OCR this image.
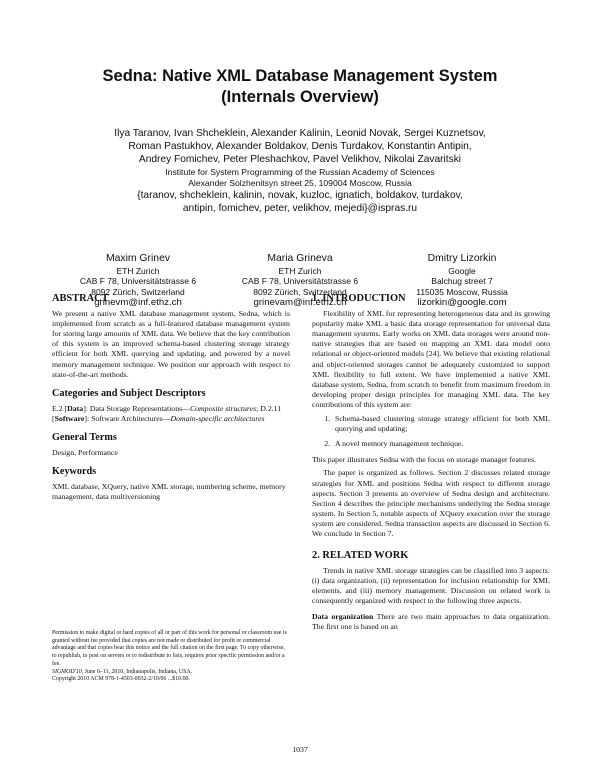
Sedna: Native XML Database Management System
(Internals Overview)
Ilya Taranov, Ivan Shcheklein, Alexander Kalinin, Leonid Novak, Sergei Kuznetsov,
Roman Pastukhov, Alexander Boldakov, Denis Turdakov, Konstantin Antipin,
Andrey Fomichev, Peter Pleshachkov, Pavel Velikhov, Nikolai Zavaritski
Institute for System Programming of the Russian Academy of Sciences
Alexander Solzhenitsyn street 25, 109004 Moscow, Russia
{taranov, shcheklein, kalinin, novak, kuzloc, ignatich, boldakov, turdakov,
antipin, fomichev, peter, velikhov, mejedi}@ispras.ru
Maxim Grinev
ETH Zurich
CAB F 78, Universitätstrasse 6
8092 Zürich, Switzerland
grinevm@inf.ethz.ch
Maria Grineva
ETH Zurich
CAB F 78, Universitätstrasse 6
8092 Zürich, Switzerland
grinevam@inf.ethz.ch
Dmitry Lizorkin
Google
Balchug street 7
115035 Moscow, Russia
lizorkin@google.com
ABSTRACT

We present a native XML database management system, Sedna, which is implemented from scratch as a full-featured database management system for storing large amounts of XML data. We believe that the key contribution of this system is an improved schema-based clustering storage strategy efficient for both XML querying and updating, and powered by a novel memory management technique. We position our approach with respect to state-of-the-art methods.

Categories and Subject Descriptors

E.2 [Data]: Data Storage Representations—Composite structures; D.2.11 [Software]: Software Architectures—Domain-specific architectures

General Terms

Design, Performance

Keywords

XML database, XQuery, native XML storage, numbering scheme, memory management, data multiversioning

Permission to make digital or hard copies of all or part of this work for personal or classroom use is granted without fee provided that copies are not made or distributed for profit or commercial advantage and that copies bear this notice and the full citation on the first page. To copy otherwise, to republish, to post on servers or to redistribute to lists, requires prior specific permission and/or a fee.
SIGMOD'10, June 6–11, 2010, Indianapolis, Indiana, USA.
Copyright 2010 ACM 978-1-4503-0032-2/10/06 ...$10.00.
1. INTRODUCTION

Flexibility of XML for representing heterogeneous data and its growing popularity make XML a basic data storage representation for universal data management systems. Early works on XML data storages were around non-native strategies that are based on mapping an XML data model onto relational or object-oriented models [24]. We believe that existing relational and object-oriented storages cannot be adequately customized to support XML flexibility to full extent. We have implemented a native XML database system, Sedna, from scratch to benefit from maximum freedom in developing proper design principles for managing XML data. The key contributions of this system are:

1. Schema-based clustering storage strategy efficient for both XML querying and updating;
2. A novel memory management technique.

This paper illustrates Sedna with the focus on storage manager features.

The paper is organized as follows. Section 2 discusses related storage strategies for XML and positions Sedna with respect to different storage aspects. Section 3 presents an overview of Sedna design and architecture. Section 4 describes the principle mechanisms underlying the Sedna storage system. In Section 5, notable aspects of XQuery execution over the storage system are considered. Sedna transaction aspects are discussed in Section 6. We conclude in Section 7.

2. RELATED WORK

Trends in native XML storage strategies can be classified into 3 aspects: (i) data organization, (ii) representation for inclusion relationship for XML elements, and (iii) memory management. Discussion on related work is consequently organized with respect to the following three aspects.

Data organization There are two main approaches to data organization. The first one is based on an

1037
